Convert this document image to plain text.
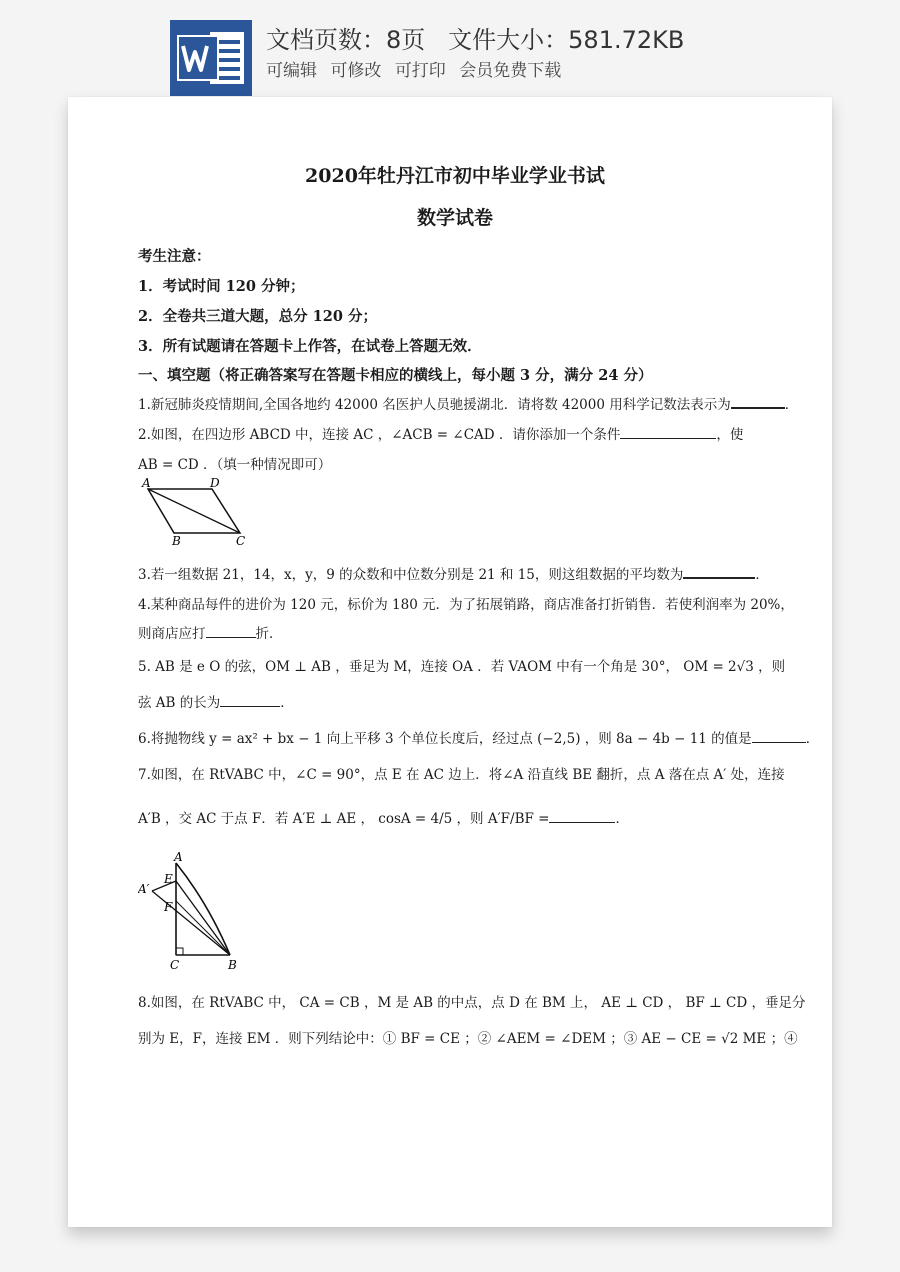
文档页数：8页   文件大小：581.72KB
可编辑 可修改 可打印 会员免费下载
2020年牡丹江市初中毕业学业书试
数学试卷
考生注意：
1．考试时间 120 分钟；
2．全卷共三道大题，总分 120 分；
3．所有试题请在答题卡上作答，在试卷上答题无效．
一、填空题（将正确答案写在答题卡相应的横线上，每小题 3 分，满分 24 分）
1.新冠肺炎疫情期间,全国各地约 42000 名医护人员驰援湖北．请将数 42000 用科学记数法表示为	．
2.如图，在四边形 ABCD 中，连接 AC ，∠ACB = ∠CAD ．请你添加一个条件	，使
AB = CD ．（填一种情况即可）
A	D
B	C
3.若一组数据 21，14，x，y，9 的众数和中位数分别是 21 和 15，则这组数据的平均数为	．
4.某种商品每件的进价为 120 元，标价为 180 元．为了拓展销路，商店准备打折销售．若使利润率为 20%，
则商店应打	折．
5. AB 是 e O 的弦，OM ⊥ AB ，垂足为 M，连接 OA ．若 VAOM 中有一个角是 30°， OM = 2√3 ，则
弦 AB 的长为	．
6.将抛物线 y = ax² + bx − 1 向上平移 3 个单位长度后，经过点 (−2,5) ，则 8a − 4b − 11 的值是	．
7.如图，在 RtVABC 中，∠C = 90°，点 E 在 AC 边上．将∠A 沿直线 BE 翻折，点 A 落在点 A′ 处，连接
A′B ，交 AC 于点 F．若 A′E ⊥ AE ， cosA = 4/5 ，则 A′F/BF =	．
A
A′
E
F
C	B
8.如图，在 RtVABC 中， CA = CB ，M 是 AB 的中点，点 D 在 BM 上， AE ⊥ CD ， BF ⊥ CD ，垂足分
别为 E，F，连接 EM ．则下列结论中：① BF = CE ；② ∠AEM = ∠DEM ；③ AE − CE = √2 ME ；④
